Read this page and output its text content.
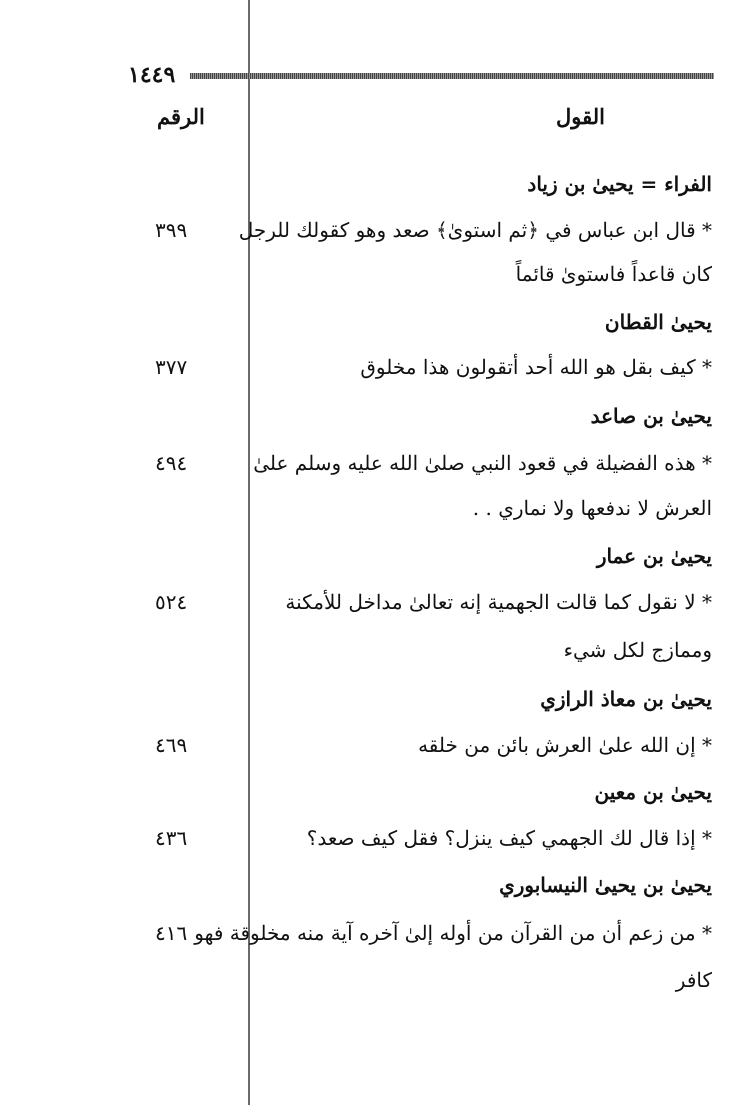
١٤٤٩
القول
الرقم
الفراء = يحيىٰ بن زياد
* قال ابن عباس في ﴿ثم استوىٰ﴾ صعد وهو كقولك للرجل
كان قاعداً فاستوىٰ قائماً
٣٩٩
يحيىٰ القطان
* كيف بقل هو الله أحد أتقولون هذا مخلوق
٣٧٧
يحيىٰ بن صاعد
* هذه الفضيلة في قعود النبي صلىٰ الله عليه وسلم علىٰ
العرش لا ندفعها ولا نماري . .
٤٩٤
يحيىٰ بن عمار
* لا نقول كما قالت الجهمية إنه تعالىٰ مداخل للأمكنة
وممازج لكل شيء
٥٢٤
يحيىٰ بن معاذ الرازي
* إن الله علىٰ العرش بائن من خلقه
٤٦٩
يحيىٰ بن معين
* إذا قال لك الجهمي كيف ينزل؟ فقل كيف صعد؟
٤٣٦
يحيىٰ بن يحيىٰ النيسابوري
* من زعم أن من القرآن من أوله إلىٰ آخره آية منه مخلوقة فهو
كافر
٤١٦
